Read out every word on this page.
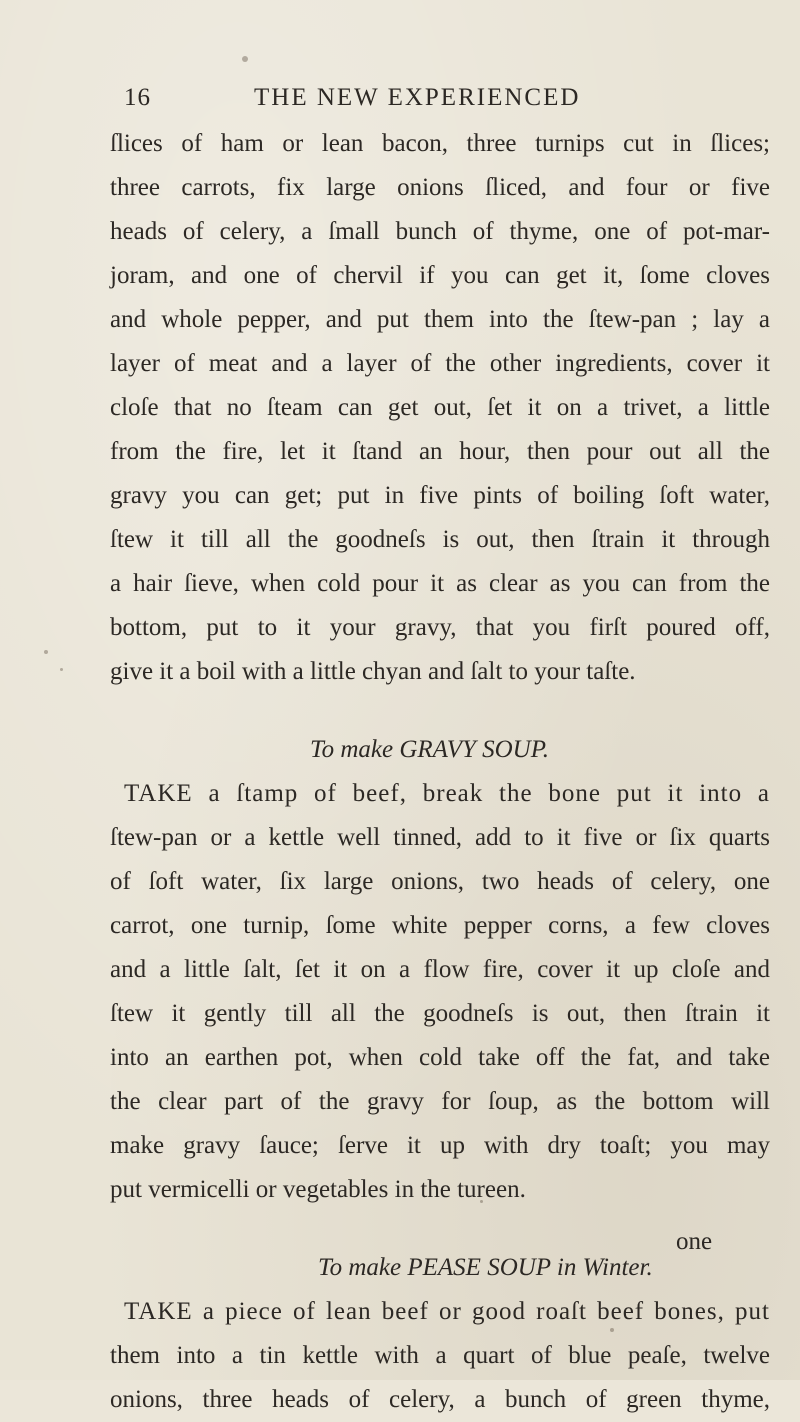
16	THE NEW EXPERIENCED
ſlices of ham or lean bacon, three turnips cut in ſlices;
three carrots, fix large onions ſliced, and four or five
heads of celery, a ſmall bunch of thyme, one of pot-mar-
joram, and one of chervil if you can get it, ſome cloves
and whole pepper, and put them into the ſtew-pan ; lay a
layer of meat and a layer of the other ingredients, cover it
cloſe that no ſteam can get out, ſet it on a trivet, a little
from the fire, let it ſtand an hour, then pour out all the
gravy you can get; put in five pints of boiling ſoft water,
ſtew it till all the goodneſs is out, then ſtrain it through
a hair ſieve, when cold pour it as clear as you can from the
bottom, put to it your gravy, that you firſt poured off,
give it a boil with a little chyan and ſalt to your taſte.
To make GRAVY SOUP.
TAKE a ſtamp of beef, break the bone put it into a
ſtew-pan or a kettle well tinned, add to it five or ſix quarts
of ſoft water, ſix large onions, two heads of celery, one
carrot, one turnip, ſome white pepper corns, a few cloves
and a little ſalt, ſet it on a flow fire, cover it up cloſe and
ſtew it gently till all the goodneſs is out, then ſtrain it
into an earthen pot, when cold take off the fat, and take
the clear part of the gravy for ſoup, as the bottom will
make gravy ſauce; ſerve it up with dry toaſt; you may
put vermicelli or vegetables in the tureen.
To make PEASE SOUP in Winter.
TAKE a piece of lean beef or good roaſt beef bones, put
them into a tin kettle with a quart of blue peaſe, twelve
onions, three heads of celery, a bunch of green thyme,
one
